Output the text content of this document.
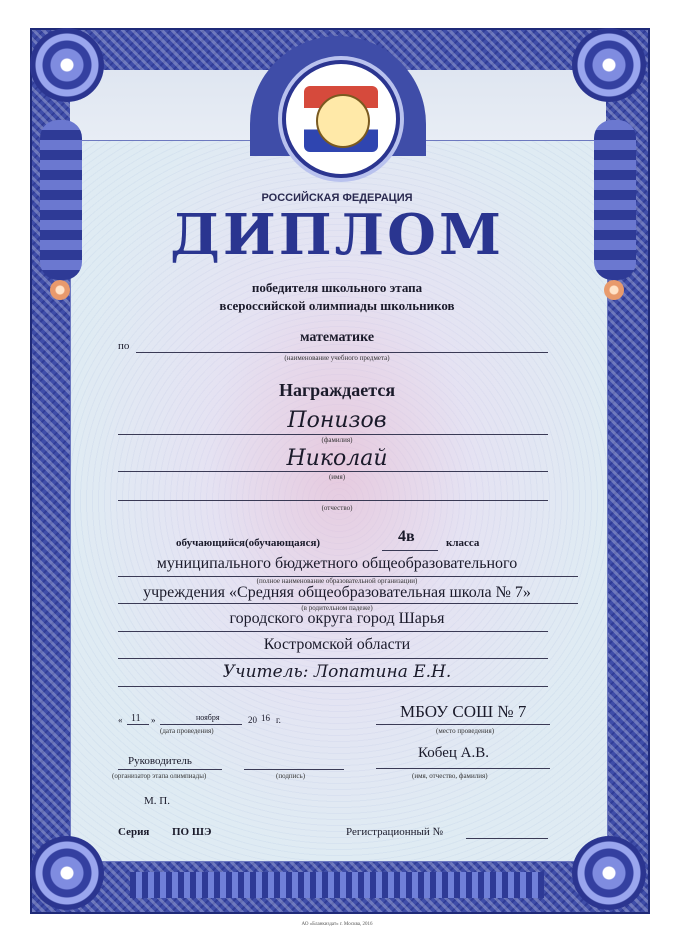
РОССИЙСКАЯ ФЕДЕРАЦИЯ
ДИПЛОМ
победителя школьного этапа
всероссийской олимпиады школьников
по
математике
(наименование учебного предмета)
Награждается
Понизов
(фамилия)
Николай
(имя)
(отчество)
обучающийся(обучающаяся)	4в	класса
муниципального бюджетного общеобразовательного
(полное наименование образовательной организации)
учреждения «Средняя общеобразовательная школа № 7»
(в родительном падеже)
городского округа город Шарья
Костромской области
Учитель: Лопатина Е.Н.
« 11 »	ноября	20 16 г.
(дата проведения)
МБОУ СОШ № 7
(место проведения)
Руководитель
(организатор этапа олимпиады)	(подпись)
Кобец А.В.
(имя, отчество, фамилия)
М. П.
Серия ПО ШЭ	Регистрационный №
АО «Бланкиздат» г. Москва, 2016
